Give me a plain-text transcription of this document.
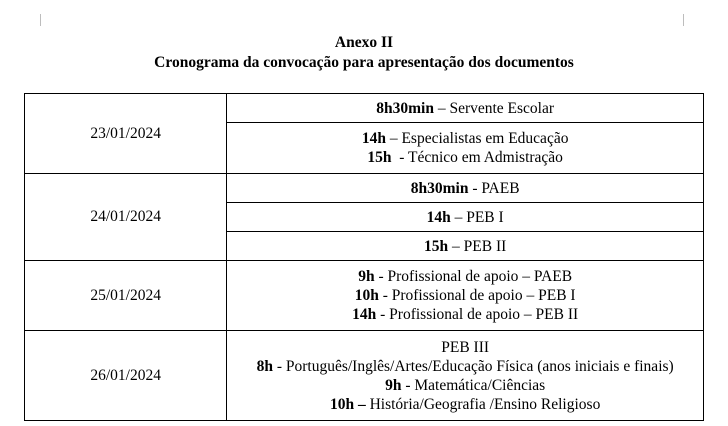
Anexo II
Cronograma da convocação para apresentação dos documentos
23/01/2024	8h30min – Servente Escolar

	14h – Especialistas em Educação
15h  - Técnico em Admistração

24/01/2024	8h30min - PAEB

	14h – PEB I

	15h – PEB II

25/01/2024	9h - Profissional de apoio – PAEB
10h - Profissional de apoio – PEB I
14h - Profissional de apoio – PEB II

26/01/2024	PEB III
8h - Português/Inglês/Artes/Educação Física (anos iniciais e finais)
9h - Matemática/Ciências
10h – História/Geografia /Ensino Religioso
